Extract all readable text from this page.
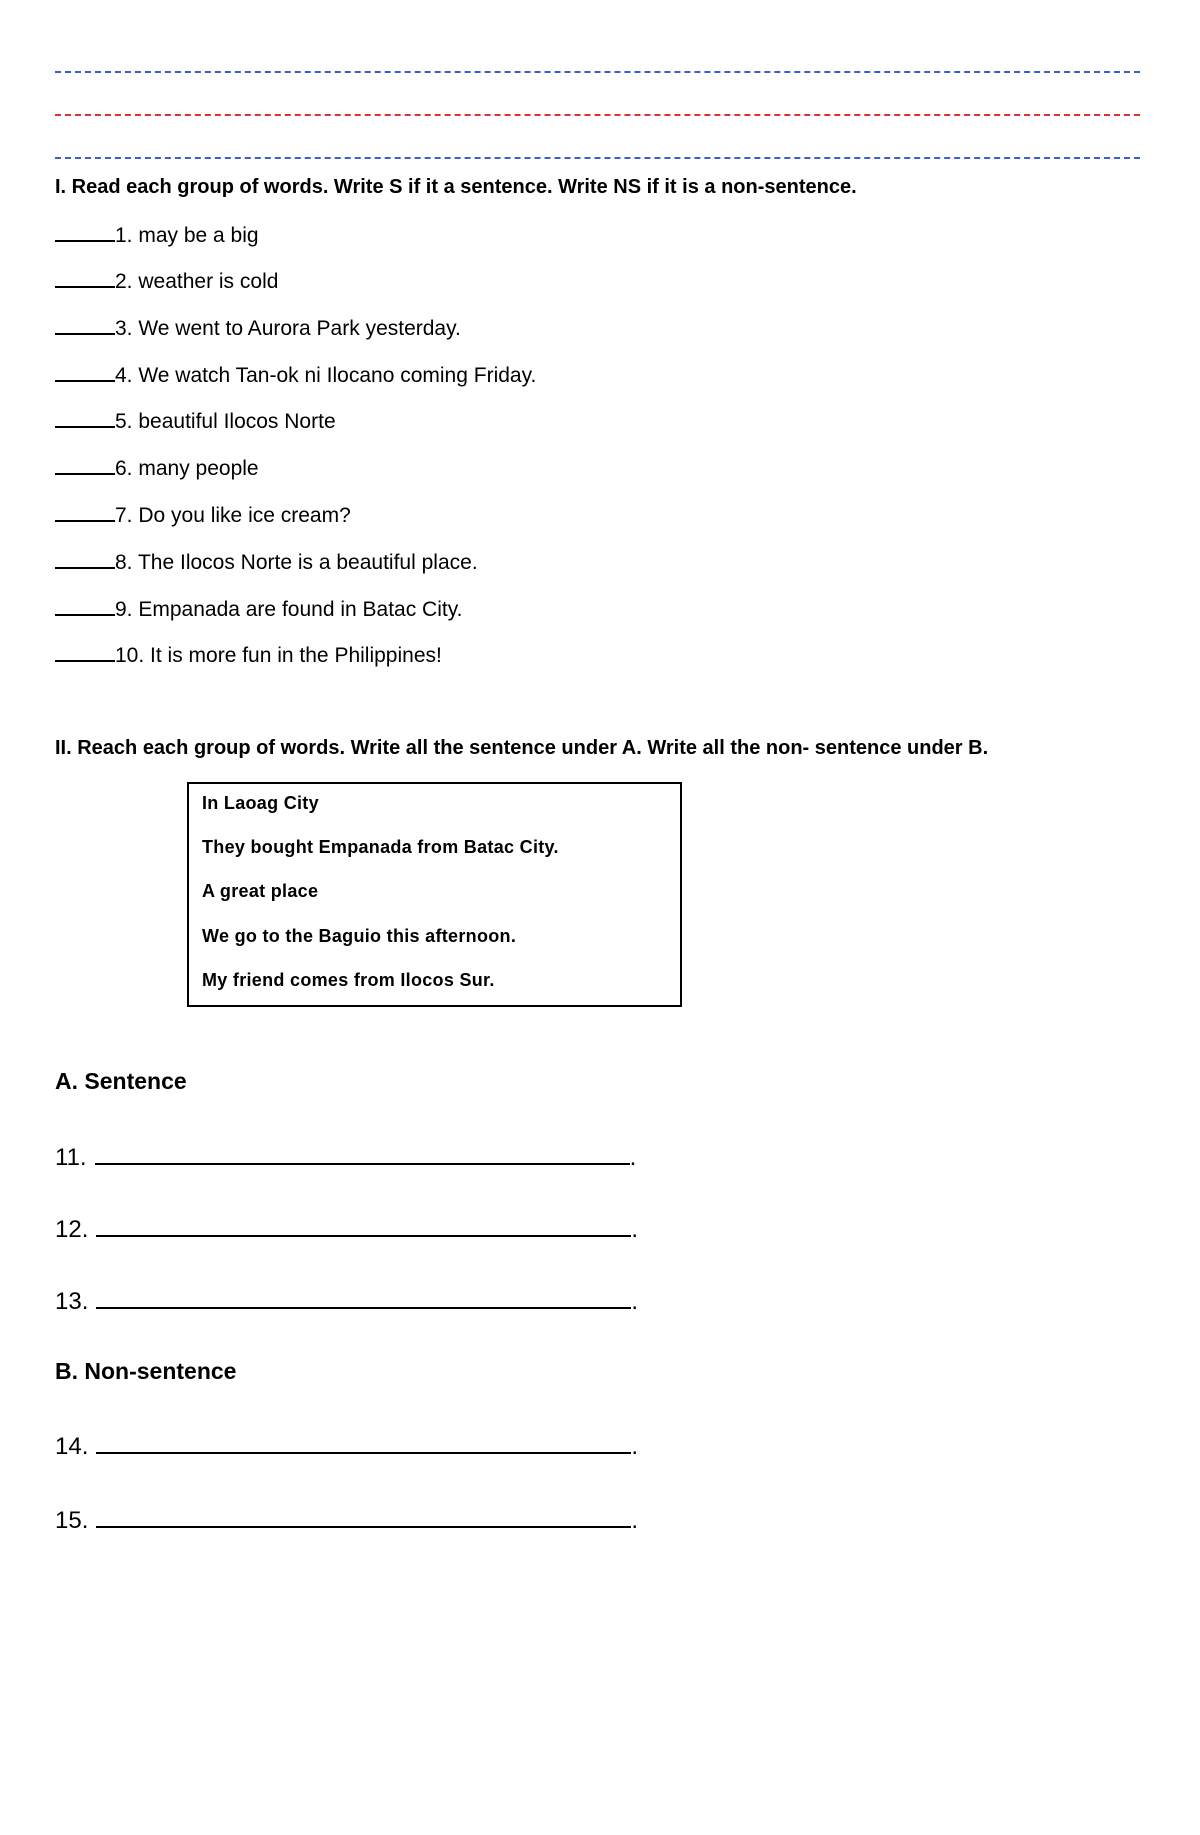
I. Read each group of words. Write S if it a sentence. Write NS if it is a non-sentence.
1. may be a big
2. weather is cold
3. We went to Aurora Park yesterday.
4. We watch Tan-ok ni Ilocano coming Friday.
5. beautiful Ilocos Norte
6. many people
7. Do you like ice cream?
8. The Ilocos Norte is a beautiful place.
9. Empanada are found in Batac City.
10. It is more fun in the Philippines!
II. Reach each group of words. Write all the sentence under A. Write all the non- sentence under B.
In Laoag City
They bought Empanada from Batac City.
A great place
We go to the Baguio this afternoon.
My friend comes from Ilocos Sur.
A. Sentence
11.	.
12.	.
13.	.
B. Non-sentence
14.	.
15.	.
